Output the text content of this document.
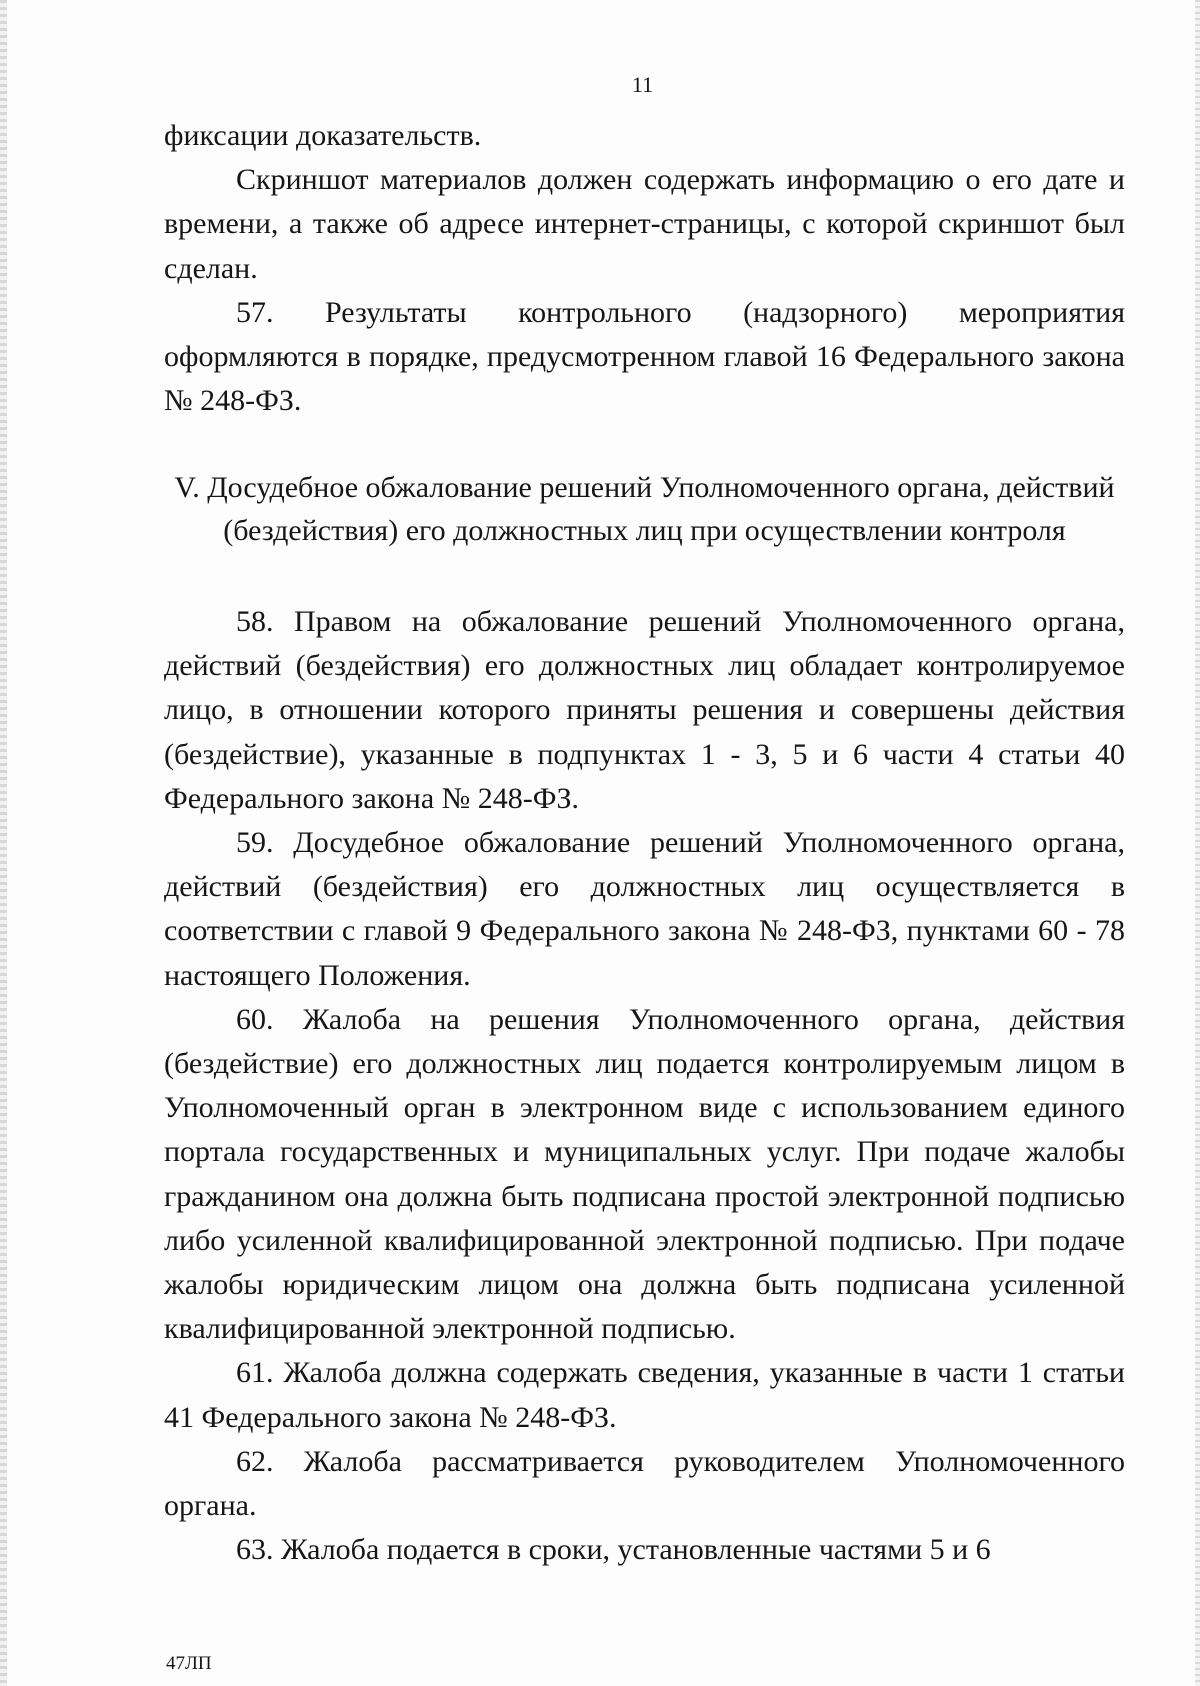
11

фиксации доказательств.

Скриншот материалов должен содержать информацию о его дате и времени, а также об адресе интернет-страницы, с которой скриншот был сделан.

57. Результаты контрольного (надзорного) мероприятия оформляются в порядке, предусмотренном главой 16 Федерального закона № 248-ФЗ.

V. Досудебное обжалование решений Уполномоченного органа, действий

(бездействия) его должностных лиц при осуществлении контроля

58. Правом на обжалование решений Уполномоченного органа, действий (бездействия) его должностных лиц обладает контролируемое лицо, в отношении которого приняты решения и совершены действия (бездействие), указанные в подпунктах 1 - 3, 5 и 6 части 4 статьи 40 Федерального закона № 248-ФЗ.

59. Досудебное обжалование решений Уполномоченного органа, действий (бездействия) его должностных лиц осуществляется в соответствии с главой 9 Федерального закона № 248-ФЗ, пунктами 60 - 78 настоящего Положения.

60. Жалоба на решения Уполномоченного органа, действия (бездействие) его должностных лиц подается контролируемым лицом в Уполномоченный орган в электронном виде с использованием единого портала государственных и муниципальных услуг. При подаче жалобы гражданином она должна быть подписана простой электронной подписью либо усиленной квалифицированной электронной подписью. При подаче жалобы юридическим лицом она должна быть подписана усиленной квалифицированной электронной подписью.

61. Жалоба должна содержать сведения, указанные в части 1 статьи 41 Федерального закона № 248-ФЗ.

62. Жалоба рассматривается руководителем Уполномоченного органа.

63. Жалоба подается в сроки, установленные частями 5 и 6

47ЛП
